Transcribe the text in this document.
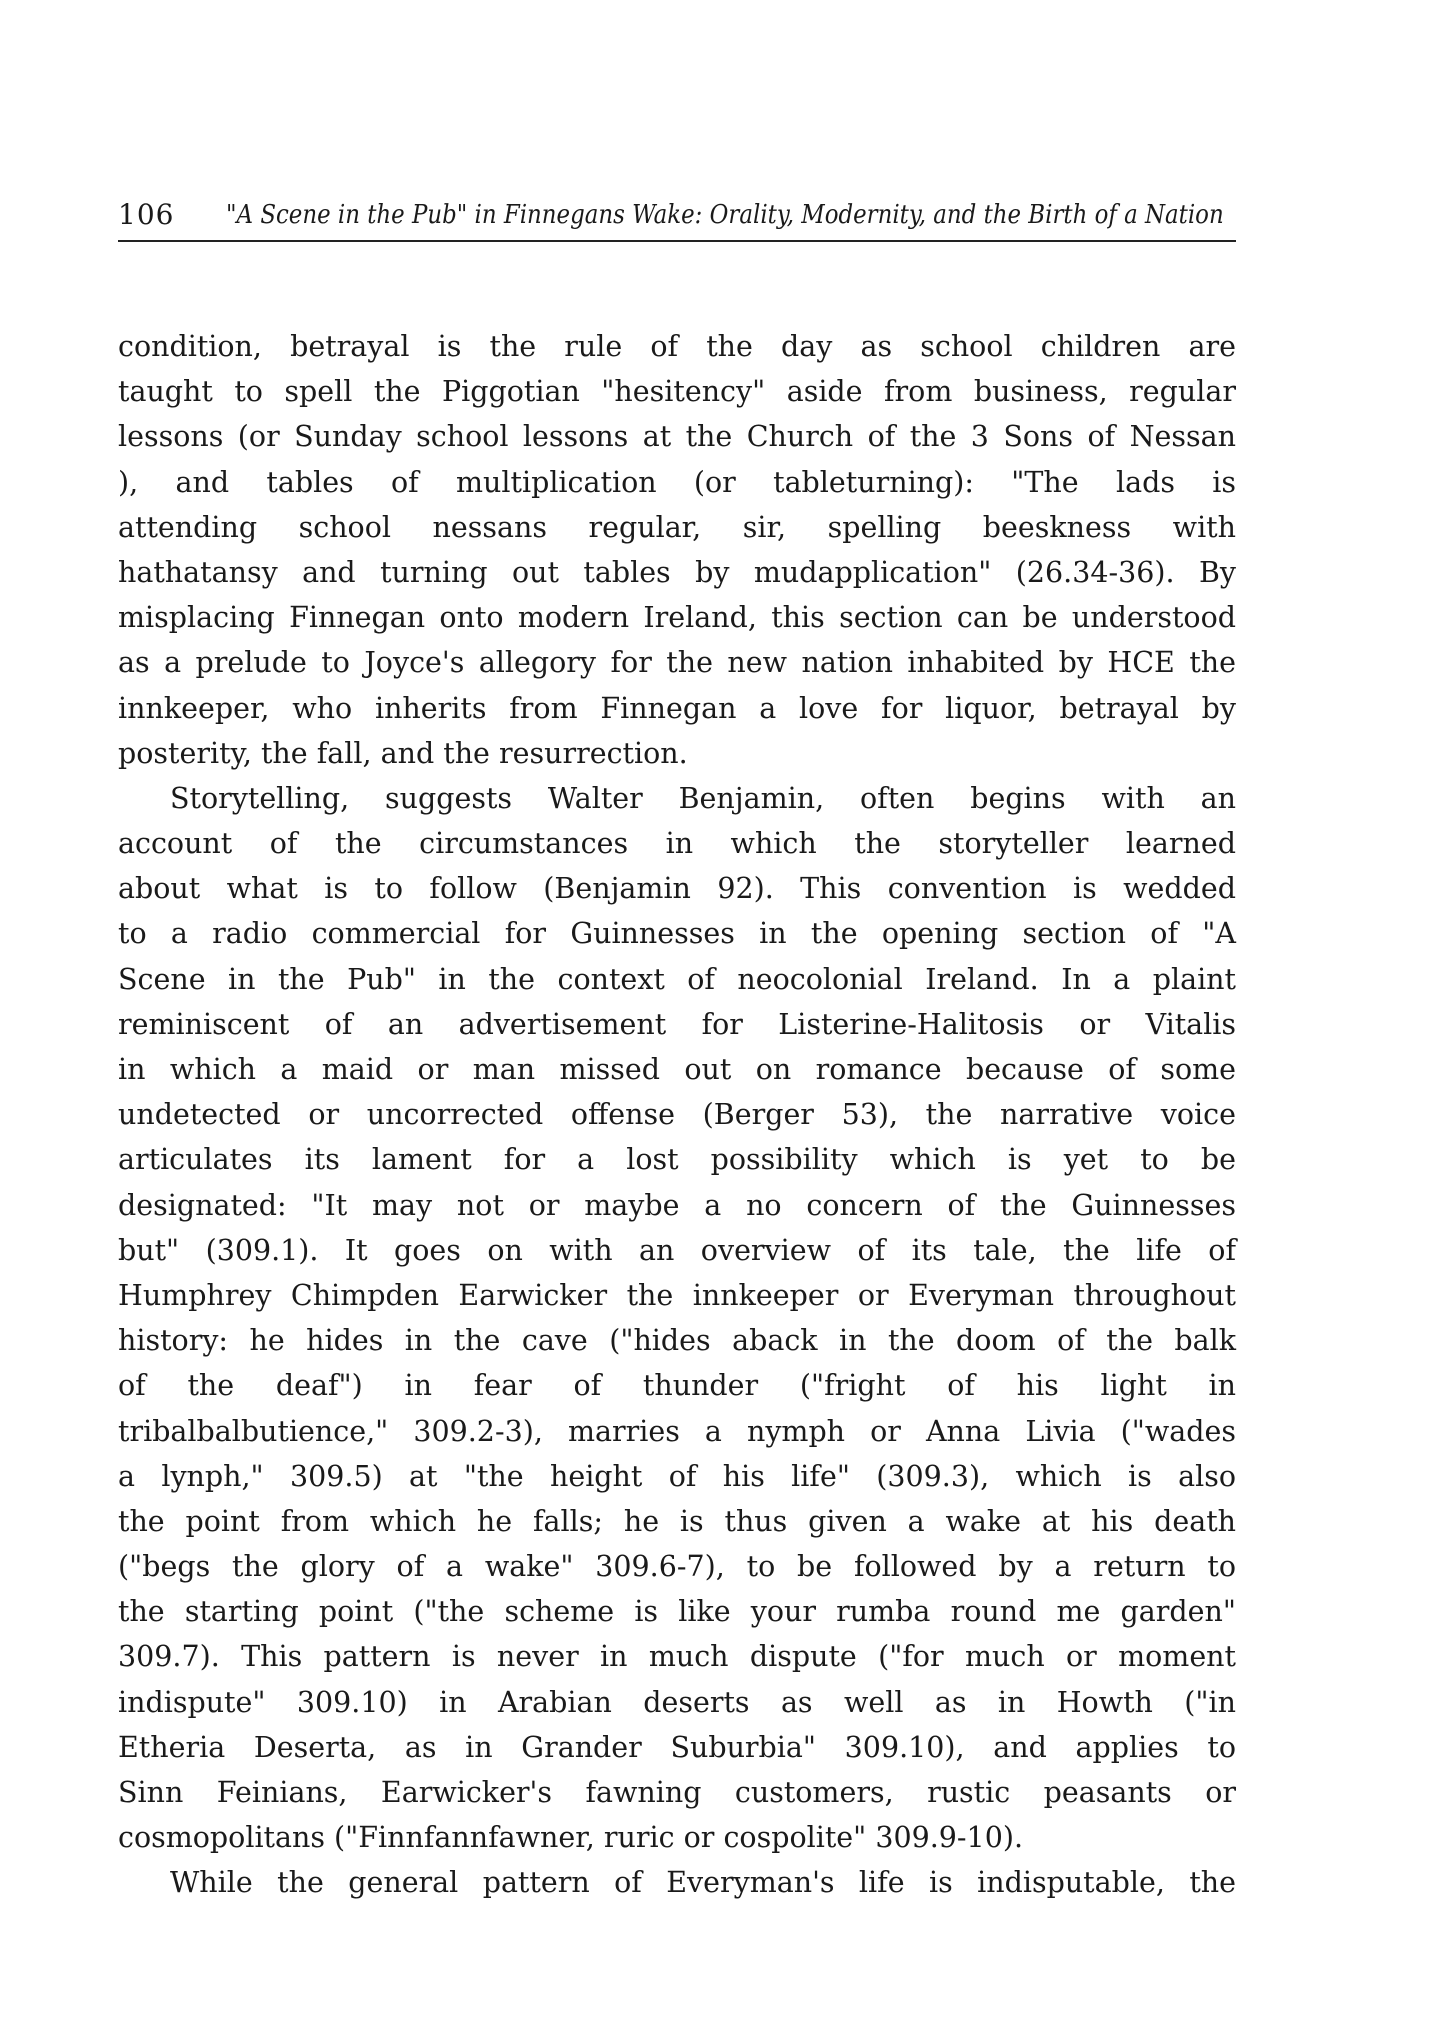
106 "A Scene in the Pub" in Finnegans Wake: Orality, Modernity, and the Birth of a Nation
condition, betrayal is the rule of the day as school children are
taught to spell the Piggotian "hesitency" aside from business, regular
lessons (or Sunday school lessons at the Church of the 3 Sons of Nessan
), and tables of multiplication (or tableturning): "The lads is
attending school nessans regular, sir, spelling beeskness with
hathatansy and turning out tables by mudapplication" (26.34-36). By
misplacing Finnegan onto modern Ireland, this section can be understood
as a prelude to Joyce's allegory for the new nation inhabited by HCE the
innkeeper, who inherits from Finnegan a love for liquor, betrayal by
posterity, the fall, and the resurrection.
Storytelling, suggests Walter Benjamin, often begins with an
account of the circumstances in which the storyteller learned
about what is to follow (Benjamin 92). This convention is wedded
to a radio commercial for Guinnesses in the opening section of "A
Scene in the Pub" in the context of neocolonial Ireland. In a plaint
reminiscent of an advertisement for Listerine-Halitosis or Vitalis
in which a maid or man missed out on romance because of some
undetected or uncorrected offense (Berger 53), the narrative voice
articulates its lament for a lost possibility which is yet to be
designated: "It may not or maybe a no concern of the Guinnesses
but" (309.1). It goes on with an overview of its tale, the life of
Humphrey Chimpden Earwicker the innkeeper or Everyman throughout
history: he hides in the cave ("hides aback in the doom of the balk
of the deaf") in fear of thunder ("fright of his light in
tribalbalbutience," 309.2-3), marries a nymph or Anna Livia ("wades
a lynph," 309.5) at "the height of his life" (309.3), which is also
the point from which he falls; he is thus given a wake at his death
("begs the glory of a wake" 309.6-7), to be followed by a return to
the starting point ("the scheme is like your rumba round me garden"
309.7). This pattern is never in much dispute ("for much or moment
indispute" 309.10) in Arabian deserts as well as in Howth ("in
Etheria Deserta, as in Grander Suburbia" 309.10), and applies to
Sinn Feinians, Earwicker's fawning customers, rustic peasants or
cosmopolitans ("Finnfannfawner, ruric or cospolite" 309.9-10).
While the general pattern of Everyman's life is indisputable, the
